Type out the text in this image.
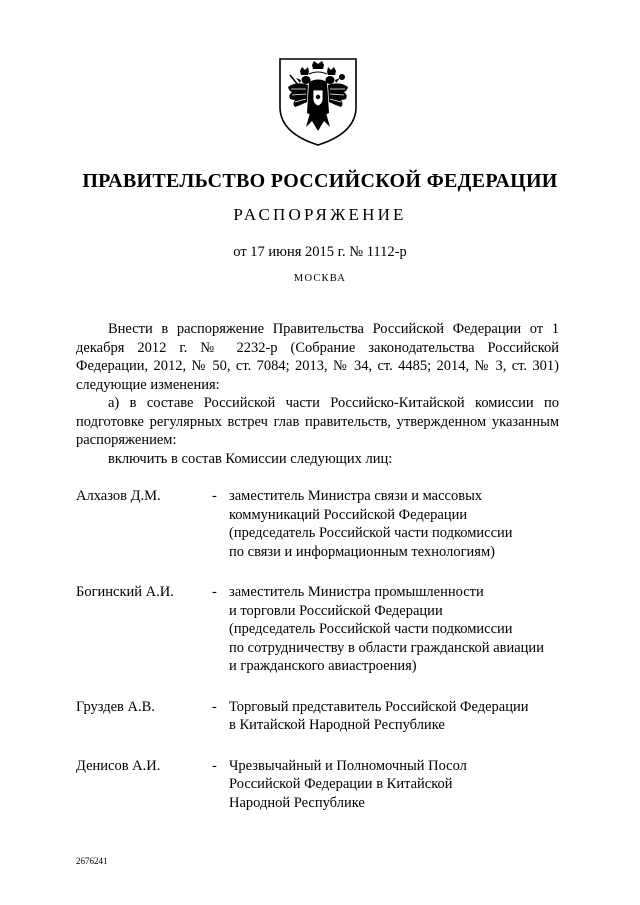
ПРАВИТЕЛЬСТВО РОССИЙСКОЙ ФЕДЕРАЦИИ
РАСПОРЯЖЕНИЕ
от 17 июня 2015 г. № 1112-р
МОСКВА

Внести в распоряжение Правительства Российской Федерации от 1 декабря 2012 г. № 2232-р (Собрание законодательства Российской Федерации, 2012, № 50, ст. 7084; 2013, № 34, ст. 4485; 2014, № 3, ст. 301) следующие изменения:

а) в составе Российской части Российско-Китайской комиссии по подготовке регулярных встреч глав правительств, утвержденном указанным распоряжением:

включить в состав Комиссии следующих лиц:

Алхазов Д.М.	- заместитель Министра связи и массовых
коммуникаций Российской Федерации
(председатель Российской части подкомиссии
по связи и информационным технологиям)
Богинский А.И.	- заместитель Министра промышленности
и торговли Российской Федерации
(председатель Российской части подкомиссии
по сотрудничеству в области гражданской авиации
и гражданского авиастроения)
Груздев А.В.	- Торговый представитель Российской Федерации
в Китайской Народной Республике
Денисов А.И.	- Чрезвычайный и Полномочный Посол
Российской Федерации в Китайской
Народной Республике
2676241
